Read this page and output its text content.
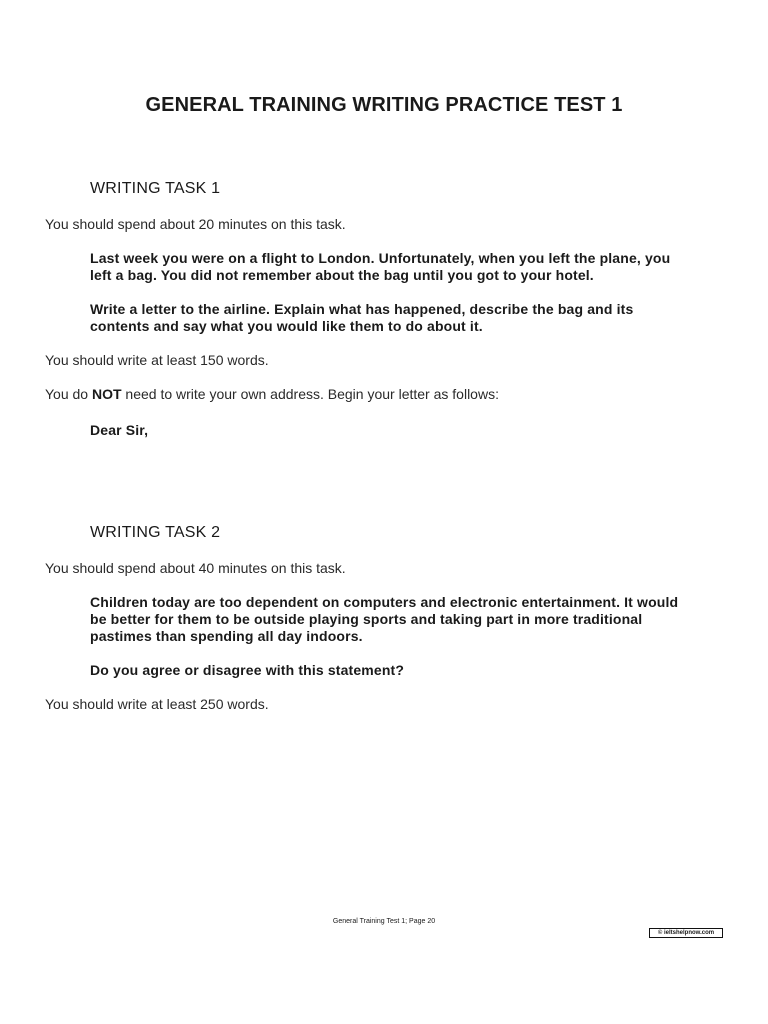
GENERAL TRAINING WRITING PRACTICE TEST 1
WRITING TASK 1
You should spend about 20 minutes on this task.
Last week you were on a flight to London. Unfortunately, when you left the plane, you left a bag. You did not remember about the bag until you got to your hotel.
Write a letter to the airline. Explain what has happened, describe the bag and its contents and say what you would like them to do about it.
You should write at least 150 words.
You do NOT need to write your own address. Begin your letter as follows:
Dear Sir,
WRITING TASK 2
You should spend about 40 minutes on this task.
Children today are too dependent on computers and electronic entertainment. It would be better for them to be outside playing sports and taking part in more traditional pastimes than spending all day indoors.
Do you agree or disagree with this statement?
You should write at least 250 words.
General Training Test 1; Page 20
© ieltshelpnow.com
